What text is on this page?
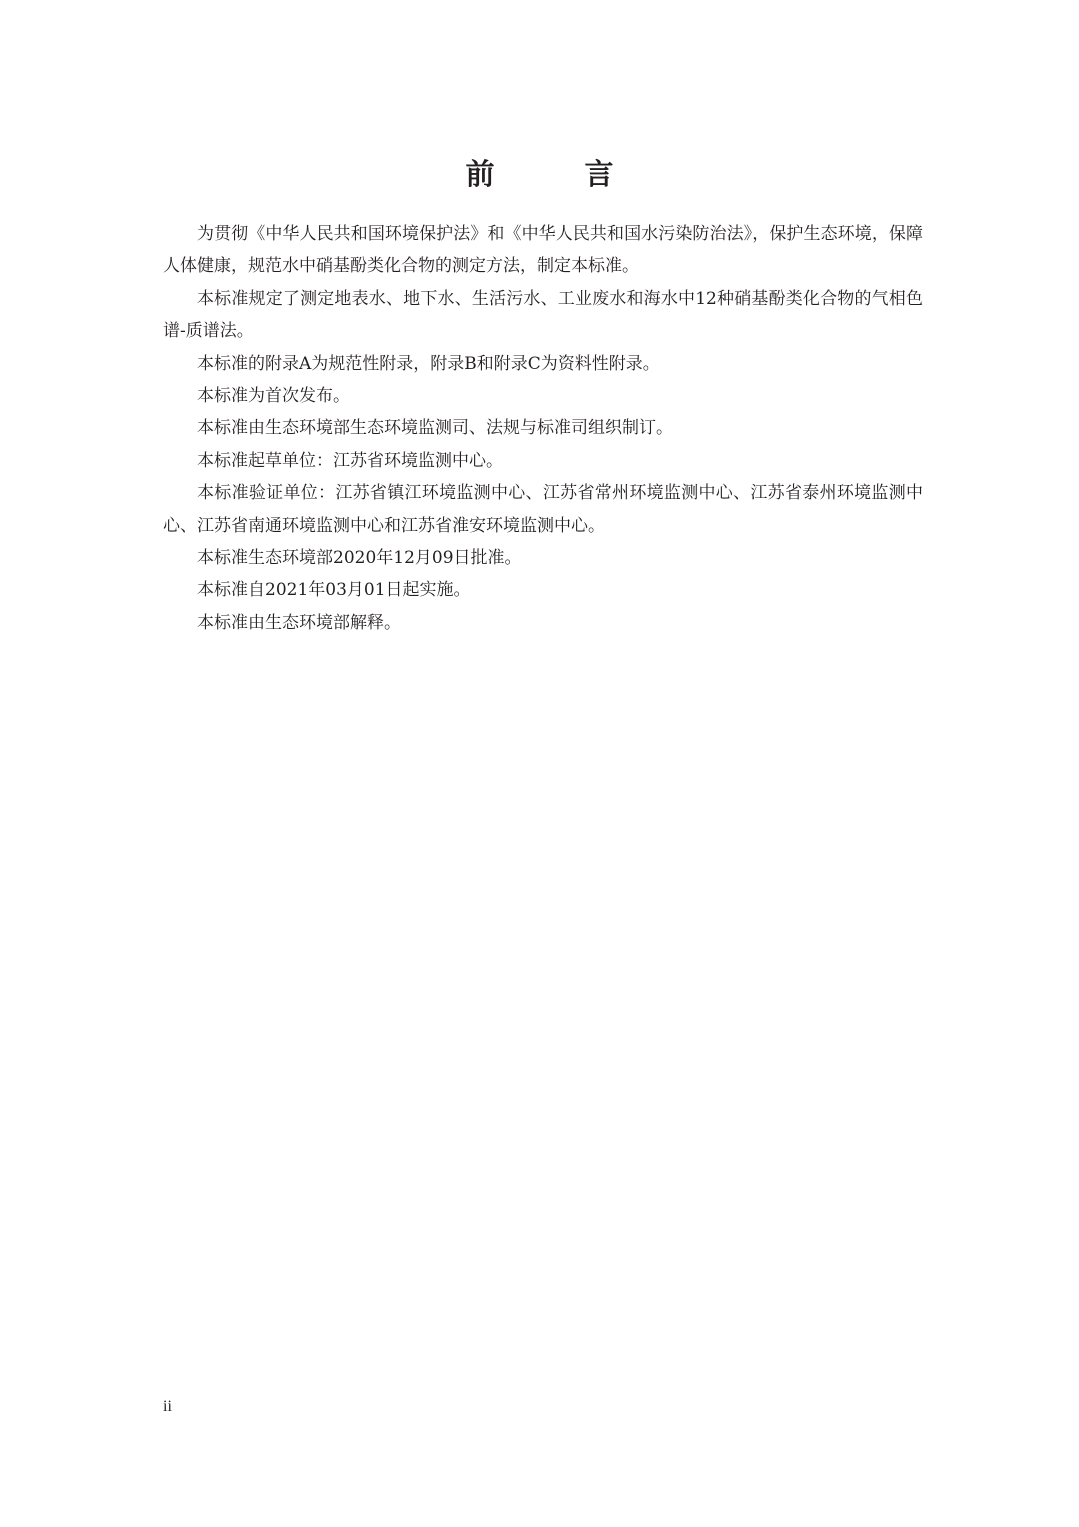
前 言

为贯彻《中华人民共和国环境保护法》和《中华人民共和国水污染防治法》，保护生态环境，保障人体健康，规范水中硝基酚类化合物的测定方法，制定本标准。

本标准规定了测定地表水、地下水、生活污水、工业废水和海水中12种硝基酚类化合物的气相色谱-质谱法。

本标准的附录A为规范性附录，附录B和附录C为资料性附录。

本标准为首次发布。

本标准由生态环境部生态环境监测司、法规与标准司组织制订。

本标准起草单位：江苏省环境监测中心。

本标准验证单位：江苏省镇江环境监测中心、江苏省常州环境监测中心、江苏省泰州环境监测中心、江苏省南通环境监测中心和江苏省淮安环境监测中心。

本标准生态环境部2020年12月09日批准。

本标准自2021年03月01日起实施。

本标准由生态环境部解释。

ii
